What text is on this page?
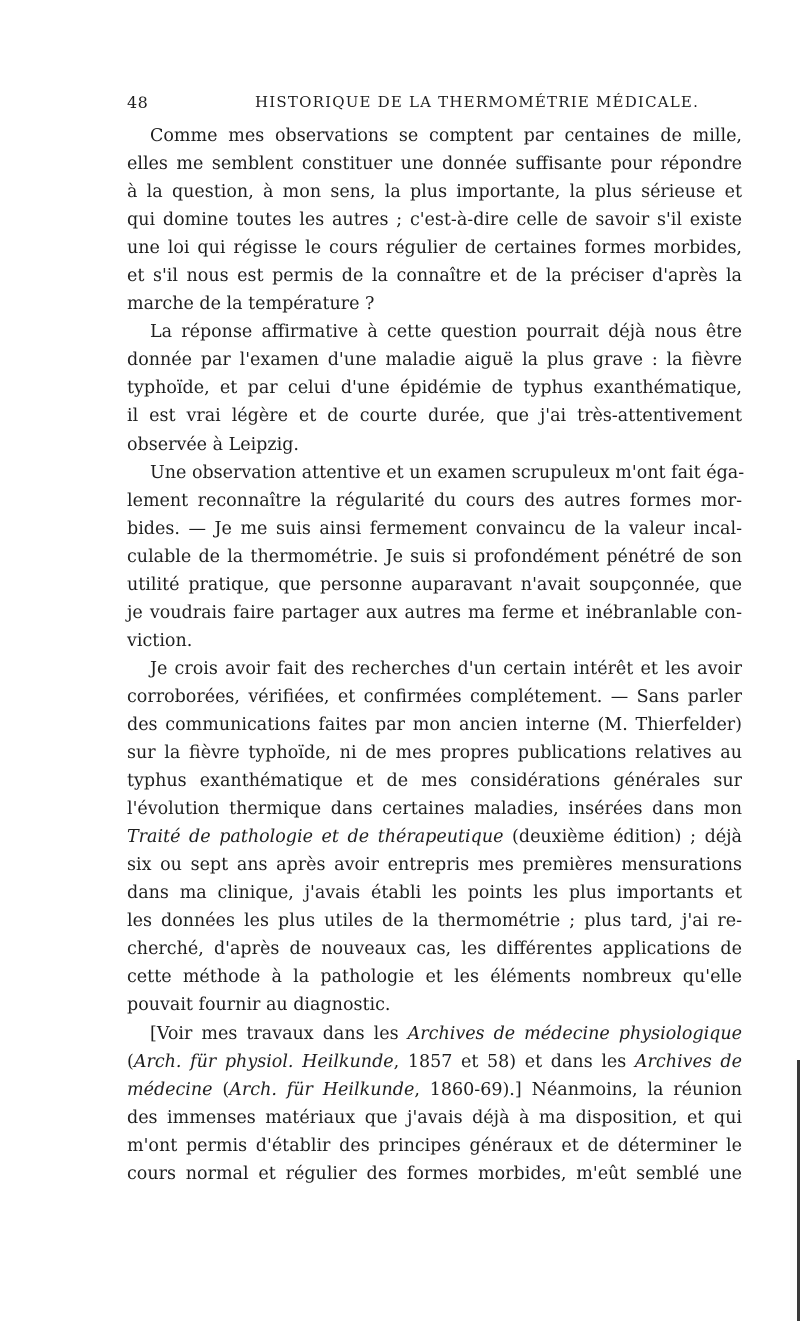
48	HISTORIQUE DE LA THERMOMÉTRIE MÉDICALE.
Comme mes observations se comptent par centaines de mille,
elles me semblent constituer une donnée suffisante pour répondre
à la question, à mon sens, la plus importante, la plus sérieuse et
qui domine toutes les autres ; c'est-à-dire celle de savoir s'il existe
une loi qui régisse le cours régulier de certaines formes morbides,
et s'il nous est permis de la connaître et de la préciser d'après la
marche de la température ?
La réponse affirmative à cette question pourrait déjà nous être
donnée par l'examen d'une maladie aiguë la plus grave : la fièvre
typhoïde, et par celui d'une épidémie de typhus exanthématique,
il est vrai légère et de courte durée, que j'ai très-attentivement
observée à Leipzig.
Une observation attentive et un examen scrupuleux m'ont fait éga-
lement reconnaître la régularité du cours des autres formes mor-
bides. — Je me suis ainsi fermement convaincu de la valeur incal-
culable de la thermométrie. Je suis si profondément pénétré de son
utilité pratique, que personne auparavant n'avait soupçonnée, que
je voudrais faire partager aux autres ma ferme et inébranlable con-
viction.
Je crois avoir fait des recherches d'un certain intérêt et les avoir
corroborées, vérifiées, et confirmées complétement. — Sans parler
des communications faites par mon ancien interne (M. Thierfelder)
sur la fièvre typhoïde, ni de mes propres publications relatives au
typhus exanthématique et de mes considérations générales sur
l'évolution thermique dans certaines maladies, insérées dans mon
Traité de pathologie et de thérapeutique (deuxième édition) ; déjà
six ou sept ans après avoir entrepris mes premières mensurations
dans ma clinique, j'avais établi les points les plus importants et
les données les plus utiles de la thermométrie ; plus tard, j'ai re-
cherché, d'après de nouveaux cas, les différentes applications de
cette méthode à la pathologie et les éléments nombreux qu'elle
pouvait fournir au diagnostic.
[Voir mes travaux dans les Archives de médecine physiologique
(Arch. für physiol. Heilkunde, 1857 et 58) et dans les Archives de
médecine (Arch. für Heilkunde, 1860-69).] Néanmoins, la réunion
des immenses matériaux que j'avais déjà à ma disposition, et qui
m'ont permis d'établir des principes généraux et de déterminer le
cours normal et régulier des formes morbides, m'eût semblé une
